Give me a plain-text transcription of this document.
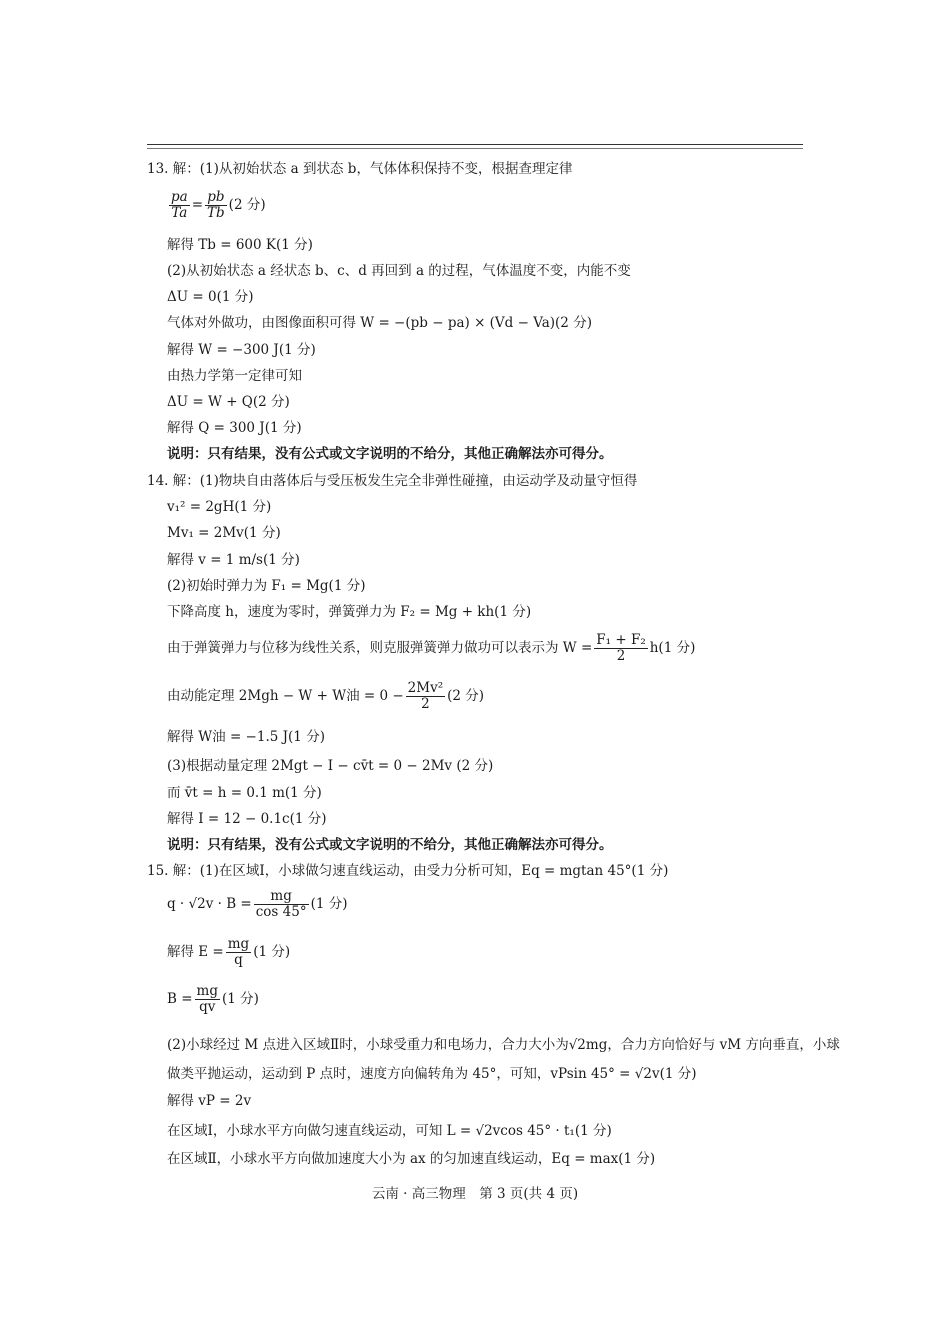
13. 解：(1)从初始状态 a 到状态 b，气体体积保持不变，根据查理定律
$\frac{pa}{Ta} = \frac{pb}{Tb} (2$ 分)
解得 Tb = 600 K(1 分)
(2)从初始状态 a 经状态 b、c、d 再回到 a 的过程，气体温度不变，内能不变
ΔU = 0(1 分)
气体对外做功，由图像面积可得 W = −(pb − pa) × (Vd − Va)(2 分)
解得 W = −300 J(1 分)
由热力学第一定律可知
ΔU = W + Q(2 分)
解得 Q = 300 J(1 分)
说明：只有结果，没有公式或文字说明的不给分，其他正确解法亦可得分。
14. 解：(1)物块自由落体后与受压板发生完全非弹性碰撞，由运动学及动量守恒得
v₁² = 2gH(1 分)
Mv₁ = 2Mv(1 分)
解得 v = 1 m/s(1 分)
(2)初始时弹力为 F₁ = Mg(1 分)
下降高度 h，速度为零时，弹簧弹力为 F₂ = Mg + kh(1 分)
由于弹簧弹力与位移为线性关系，则克服弹簧弹力做功可以表示为 $W = \frac{\text{F₁ + F₂}}{2} h(1$ 分)
由动能定理 2Mgh − W + W油 = $0 - \frac{\text{2Mv²}}{2} (2$ 分)
解得 W油 = −1.5 J(1 分)
(3)根据动量定理 2Mgt − I − cv̄t = 0 − 2Mv (2 分)
而 v̄t = h = 0.1 m(1 分)
解得 I = 12 − 0.1c(1 分)
说明：只有结果，没有公式或文字说明的不给分，其他正确解法亦可得分。
15. 解：(1)在区域Ⅰ，小球做匀速直线运动，由受力分析可知，Eq = mgtan 45°(1 分)
$q \cdot √2v \cdot B = \frac{mg}{\cos 45^\circ} (1$ 分)
解得 $E = \frac{mg}{q} (1$ 分)
$B = \frac{mg}{qv} (1$ 分)
(2)小球经过 M 点进入区域Ⅱ时，小球受重力和电场力，合力大小为√2mg，合力方向恰好与 vM 方向垂直，小球
做类平抛运动，运动到 P 点时，速度方向偏转角为 45°，可知，vPsin 45° = √2v(1 分)
解得 vP = 2v
在区域Ⅰ，小球水平方向做匀速直线运动，可知 L = √2vcos 45° · t₁(1 分)
在区域Ⅱ，小球水平方向做加速度大小为 ax 的匀加速直线运动，Eq = max(1 分)
云南 · 高三物理　第 3 页(共 4 页)
